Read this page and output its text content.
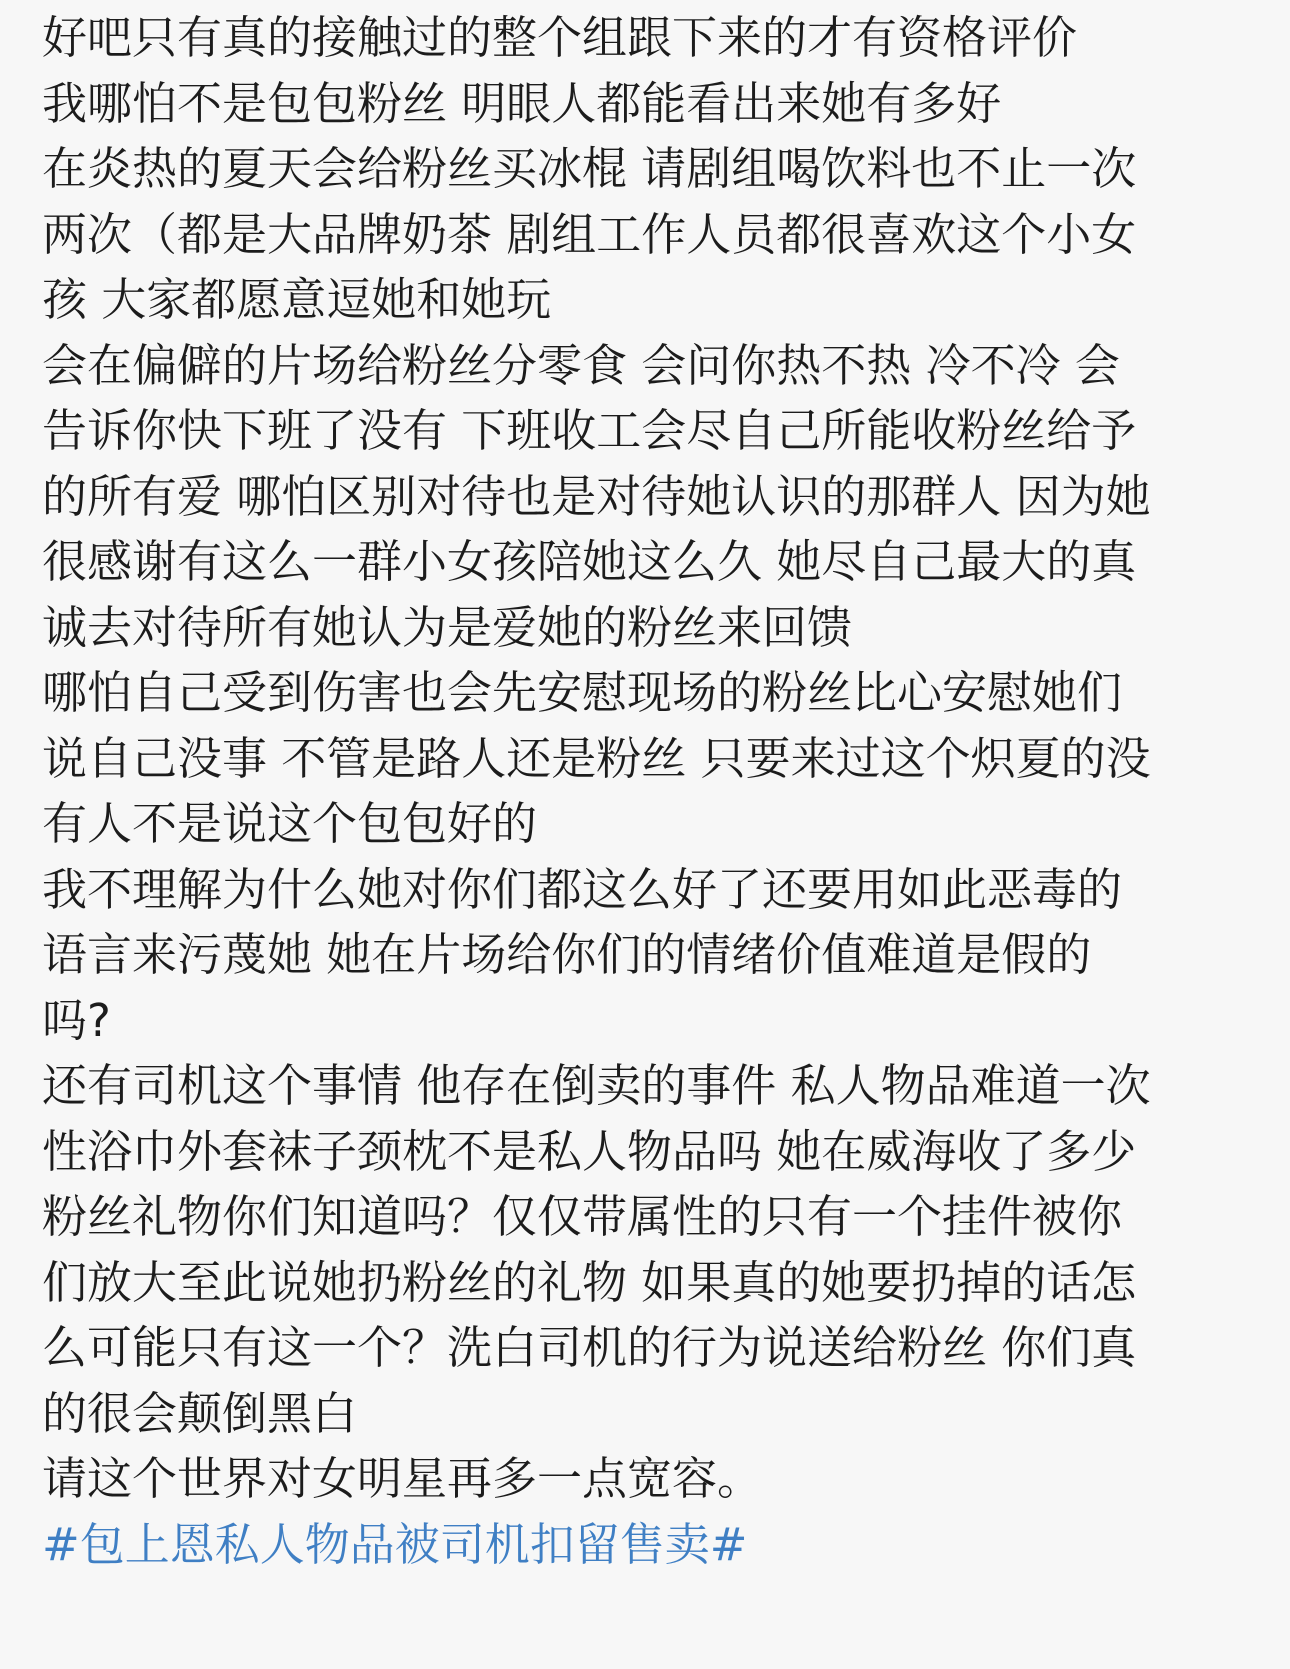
好吧只有真的接触过的整个组跟下来的才有资格评价
我哪怕不是包包粉丝 明眼人都能看出来她有多好
在炎热的夏天会给粉丝买冰棍 请剧组喝饮料也不止一次
两次（都是大品牌奶茶 剧组工作人员都很喜欢这个小女
孩 大家都愿意逗她和她玩
会在偏僻的片场给粉丝分零食 会问你热不热 冷不冷 会
告诉你快下班了没有 下班收工会尽自己所能收粉丝给予
的所有爱 哪怕区别对待也是对待她认识的那群人 因为她
很感谢有这么一群小女孩陪她这么久 她尽自己最大的真
诚去对待所有她认为是爱她的粉丝来回馈
哪怕自己受到伤害也会先安慰现场的粉丝比心安慰她们
说自己没事 不管是路人还是粉丝 只要来过这个炽夏的没
有人不是说这个包包好的
我不理解为什么她对你们都这么好了还要用如此恶毒的
语言来污蔑她 她在片场给你们的情绪价值难道是假的
吗?
还有司机这个事情 他存在倒卖的事件 私人物品难道一次
性浴巾外套袜子颈枕不是私人物品吗 她在威海收了多少
粉丝礼物你们知道吗？仅仅带属性的只有一个挂件被你
们放大至此说她扔粉丝的礼物 如果真的她要扔掉的话怎
么可能只有这一个？洗白司机的行为说送给粉丝 你们真
的很会颠倒黑白
请这个世界对女明星再多一点宽容。
#包上恩私人物品被司机扣留售卖#
